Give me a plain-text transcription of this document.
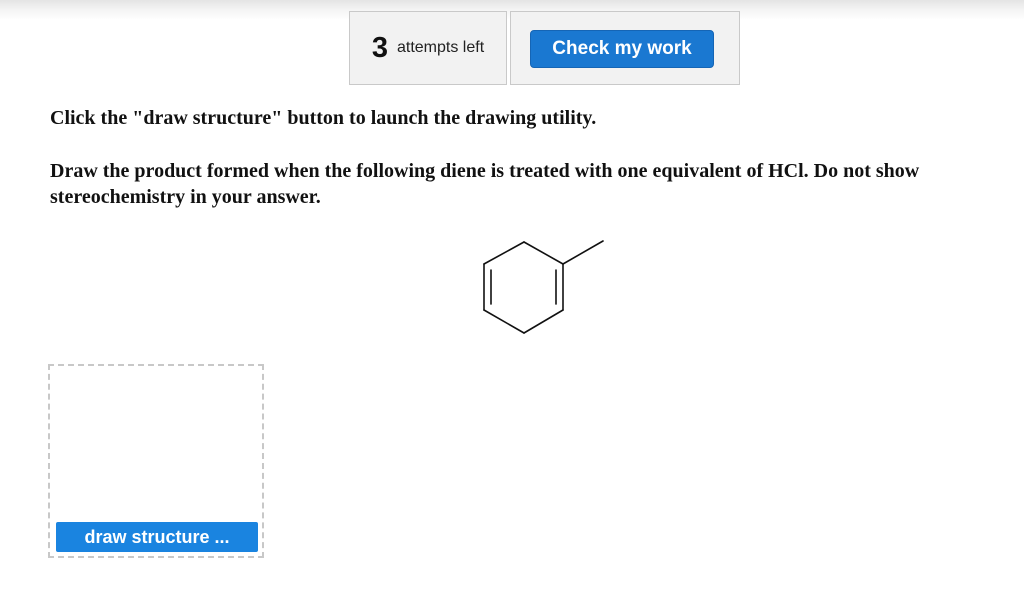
3 attempts left	Check my work

Click the "draw structure" button to launch the drawing utility.

Draw the product formed when the following diene is treated with one equivalent of HCl. Do not show stereochemistry in your answer.

draw structure ...
